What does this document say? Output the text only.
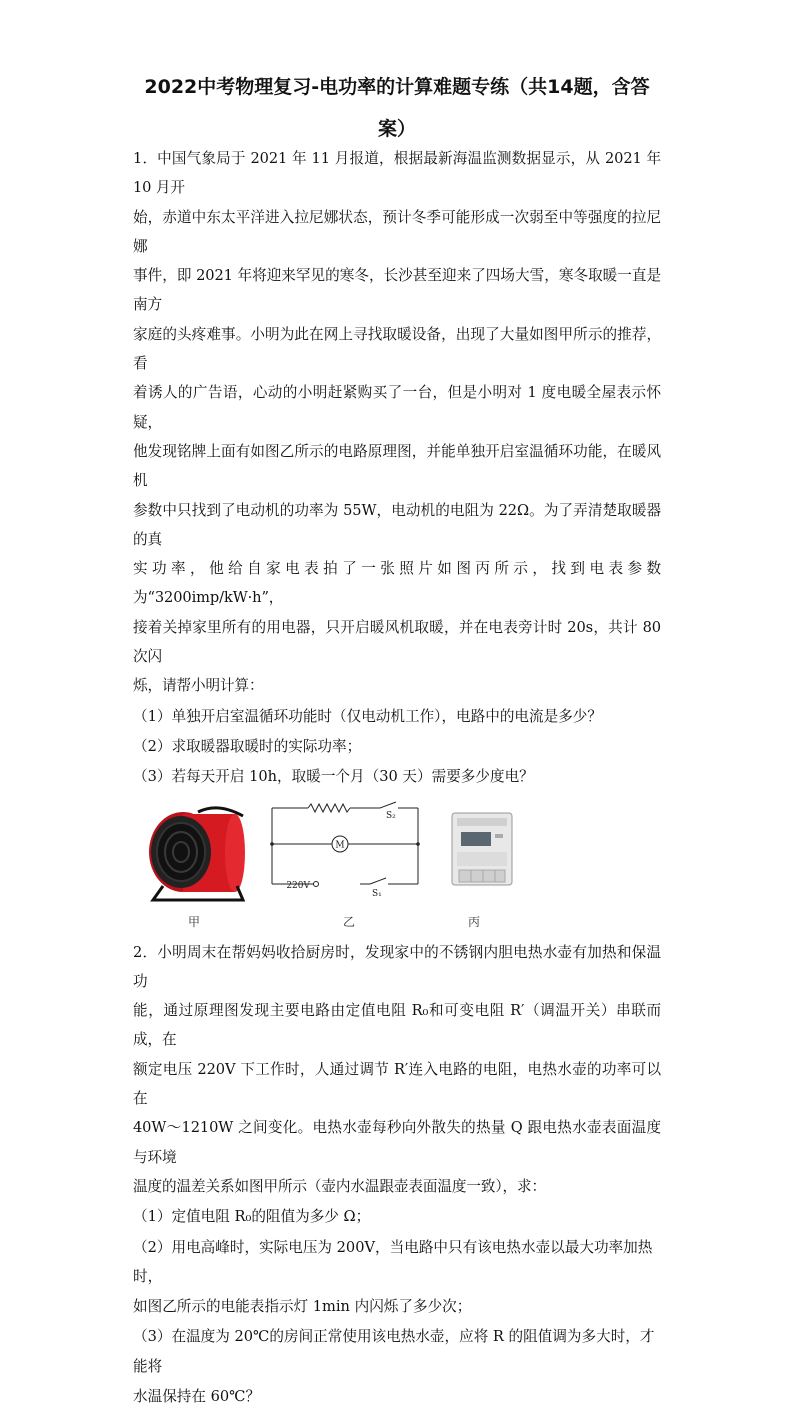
2022中考物理复习-电功率的计算难题专练（共14题，含答
案）

1．中国气象局于 2021 年 11 月报道，根据最新海温监测数据显示，从 2021 年 10 月开

始，赤道中东太平洋进入拉尼娜状态，预计冬季可能形成一次弱至中等强度的拉尼娜

事件，即 2021 年将迎来罕见的寒冬，长沙甚至迎来了四场大雪，寒冬取暖一直是南方

家庭的头疼难事。小明为此在网上寻找取暖设备，出现了大量如图甲所示的推荐，看

着诱人的广告语，心动的小明赶紧购买了一台，但是小明对 1 度电暖全屋表示怀疑，

他发现铭牌上面有如图乙所示的电路原理图，并能单独开启室温循环功能，在暖风机

参数中只找到了电动机的功率为 55W，电动机的电阻为 22Ω。为了弄清楚取暖器的真

实功率，他给自家电表拍了一张照片如图丙所示，找到电表参数为“3200imp/kW·h”，

接着关掉家里所有的用电器，只开启暖风机取暖，并在电表旁计时 20s，共计 80 次闪

烁，请帮小明计算：

（1）单独开启室温循环功能时（仅电动机工作），电路中的电流是多少？

（2）求取暖器取暖时的实际功率；

（3）若每天开启 10h，取暖一个月（30 天）需要多少度电？

甲
220V
M
S₂
S₁
乙	丙

2．小明周末在帮妈妈收拾厨房时，发现家中的不锈钢内胆电热水壶有加热和保温功

能，通过原理图发现主要电路由定值电阻 R₀和可变电阻 R′（调温开关）串联而成，在

额定电压 220V 下工作时，人通过调节 R′连入电路的电阻，电热水壶的功率可以在

40W～1210W 之间变化。电热水壶每秒向外散失的热量 Q 跟电热水壶表面温度与环境

温度的温差关系如图甲所示（壶内水温跟壶表面温度一致），求：

（1）定值电阻 R₀的阻值为多少 Ω；

（2）用电高峰时，实际电压为 200V，当电路中只有该电热水壶以最大功率加热时，

如图乙所示的电能表指示灯 1min 内闪烁了多少次；

（3）在温度为 20℃的房间正常使用该电热水壶，应将 R 的阻值调为多大时，才能将

水温保持在 60℃？
